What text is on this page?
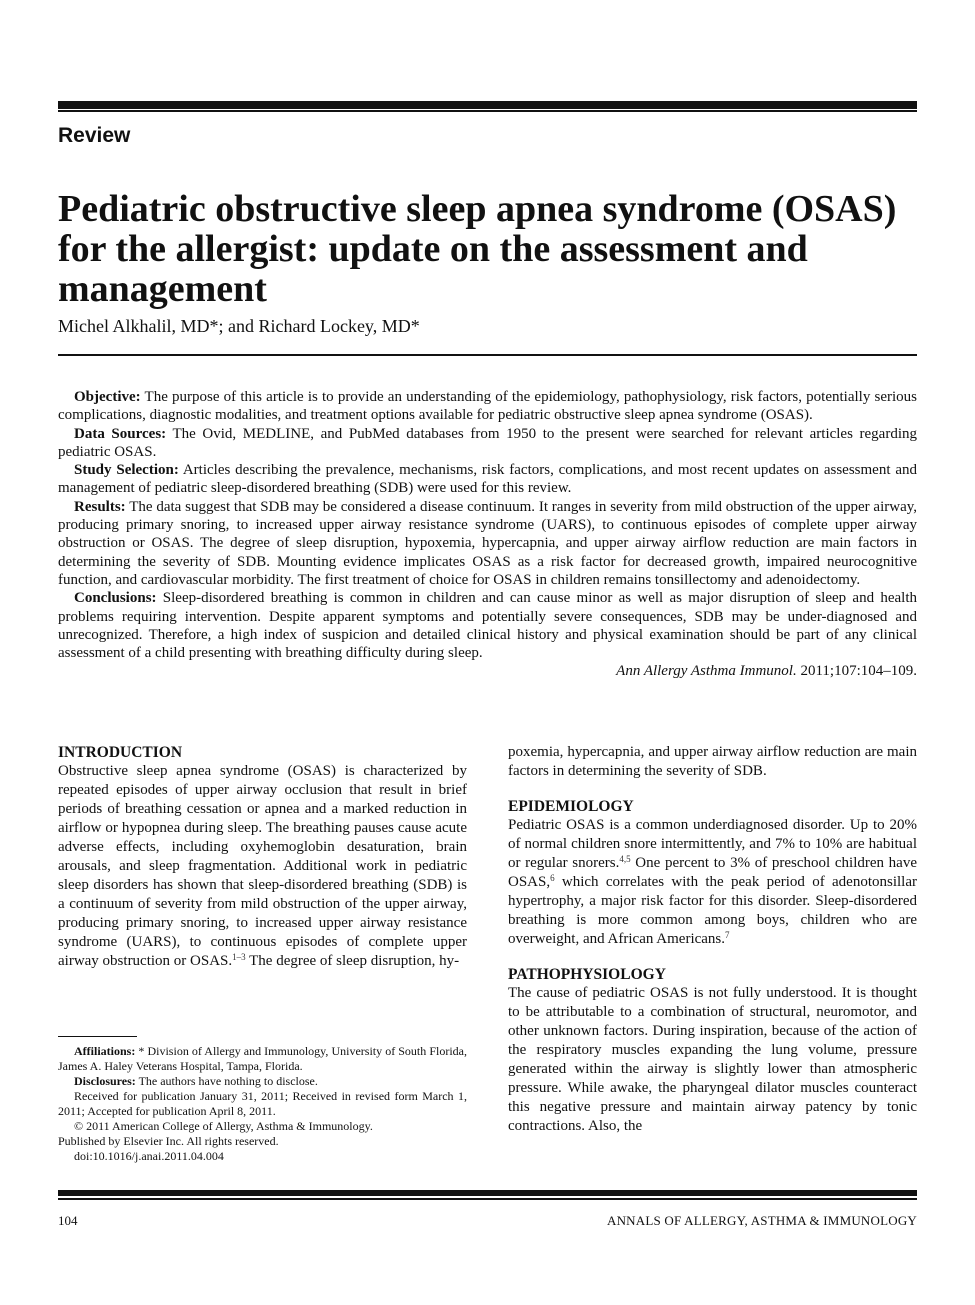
Review
Pediatric obstructive sleep apnea syndrome (OSAS) for the allergist: update on the assessment and management
Michel Alkhalil, MD*; and Richard Lockey, MD*

Objective: The purpose of this article is to provide an understanding of the epidemiology, pathophysiology, risk factors, potentially serious complications, diagnostic modalities, and treatment options available for pediatric obstructive sleep apnea syndrome (OSAS).

Data Sources: The Ovid, MEDLINE, and PubMed databases from 1950 to the present were searched for relevant articles regarding pediatric OSAS.

Study Selection: Articles describing the prevalence, mechanisms, risk factors, complications, and most recent updates on assessment and management of pediatric sleep-disordered breathing (SDB) were used for this review.

Results: The data suggest that SDB may be considered a disease continuum. It ranges in severity from mild obstruction of the upper airway, producing primary snoring, to increased upper airway resistance syndrome (UARS), to continuous episodes of complete upper airway obstruction or OSAS. The degree of sleep disruption, hypoxemia, hypercapnia, and upper airway airflow reduction are main factors in determining the severity of SDB. Mounting evidence implicates OSAS as a risk factor for decreased growth, impaired neurocognitive function, and cardiovascular morbidity. The first treatment of choice for OSAS in children remains tonsillectomy and adenoidectomy.

Conclusions: Sleep-disordered breathing is common in children and can cause minor as well as major disruption of sleep and health problems requiring intervention. Despite apparent symptoms and potentially severe consequences, SDB may be under-diagnosed and unrecognized. Therefore, a high index of suspicion and detailed clinical history and physical examination should be part of any clinical assessment of a child presenting with breathing difficulty during sleep.

Ann Allergy Asthma Immunol. 2011;107:104–109.
INTRODUCTION

Obstructive sleep apnea syndrome (OSAS) is characterized by repeated episodes of upper airway occlusion that result in brief periods of breathing cessation or apnea and a marked reduction in airflow or hypopnea during sleep. The breathing pauses cause acute adverse effects, including oxyhemoglobin desaturation, brain arousals, and sleep fragmentation. Additional work in pediatric sleep disorders has shown that sleep-disordered breathing (SDB) is a continuum of severity from mild obstruction of the upper airway, producing primary snoring, to increased upper airway resistance syndrome (UARS), to continuous episodes of complete upper airway obstruction or OSAS.$^{1-3}$ The degree of sleep disruption, hy-

poxemia, hypercapnia, and upper airway airflow reduction are main factors in determining the severity of SDB.

EPIDEMIOLOGY

Pediatric OSAS is a common underdiagnosed disorder. Up to 20% of normal children snore intermittently, and 7% to 10% are habitual or regular snorers.$^{4,5}$ One percent to 3% of preschool children have OSAS,$^6$ which correlates with the peak period of adenotonsillar hypertrophy, a major risk factor for this disorder. Sleep-disordered breathing is more common among boys, children who are overweight, and African Americans.$^7$

PATHOPHYSIOLOGY

The cause of pediatric OSAS is not fully understood. It is thought to be attributable to a combination of structural, neuromotor, and other unknown factors. During inspiration, because of the action of the respiratory muscles expanding the lung volume, pressure generated within the airway is slightly lower than atmospheric pressure. While awake, the pharyngeal dilator muscles counteract this negative pressure and maintain airway patency by tonic contractions. Also, the

Affiliations: * Division of Allergy and Immunology, University of South Florida, James A. Haley Veterans Hospital, Tampa, Florida.

Disclosures: The authors have nothing to disclose.

Received for publication January 31, 2011; Received in revised form March 1, 2011; Accepted for publication April 8, 2011.

© 2011 American College of Allergy, Asthma & Immunology.

Published by Elsevier Inc. All rights reserved.

doi:10.1016/j.anai.2011.04.004

104	ANNALS OF ALLERGY, ASTHMA & IMMUNOLOGY
